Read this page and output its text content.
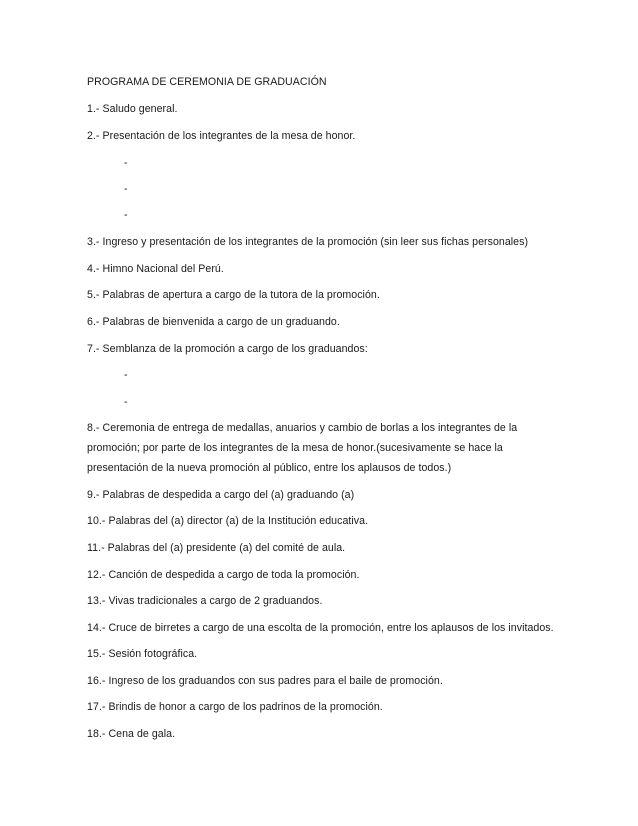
PROGRAMA DE CEREMONIA DE GRADUACIÓN
1.- Saludo general.
2.- Presentación de los integrantes de la mesa de honor.
-
-
-
3.- Ingreso y presentación de los integrantes de la promoción (sin leer sus fichas personales)
4.- Himno Nacional del Perú.
5.- Palabras de apertura a cargo de la tutora de la promoción.
6.- Palabras de bienvenida a cargo de un graduando.
7.- Semblanza de la promoción a cargo de los graduandos:
-
-
8.- Ceremonia de entrega de medallas, anuarios y cambio de borlas a los integrantes de la
promoción; por parte de los integrantes de la mesa de honor.(sucesivamente se hace la
presentación de la nueva promoción al público, entre los aplausos de todos.)
9.- Palabras de despedida a cargo del (a) graduando (a)
10.- Palabras del (a) director (a) de la Institución educativa.
11.- Palabras del (a) presidente (a) del comité de aula.
12.- Canción de despedida a cargo de toda la promoción.
13.- Vivas tradicionales a cargo de 2 graduandos.
14.- Cruce de birretes a cargo de una escolta de la promoción, entre los aplausos de los invitados.
15.- Sesión fotográfica.
16.- Ingreso de los graduandos con sus padres para el baile de promoción.
17.- Brindis de honor a cargo de los padrinos de la promoción.
18.- Cena de gala.
